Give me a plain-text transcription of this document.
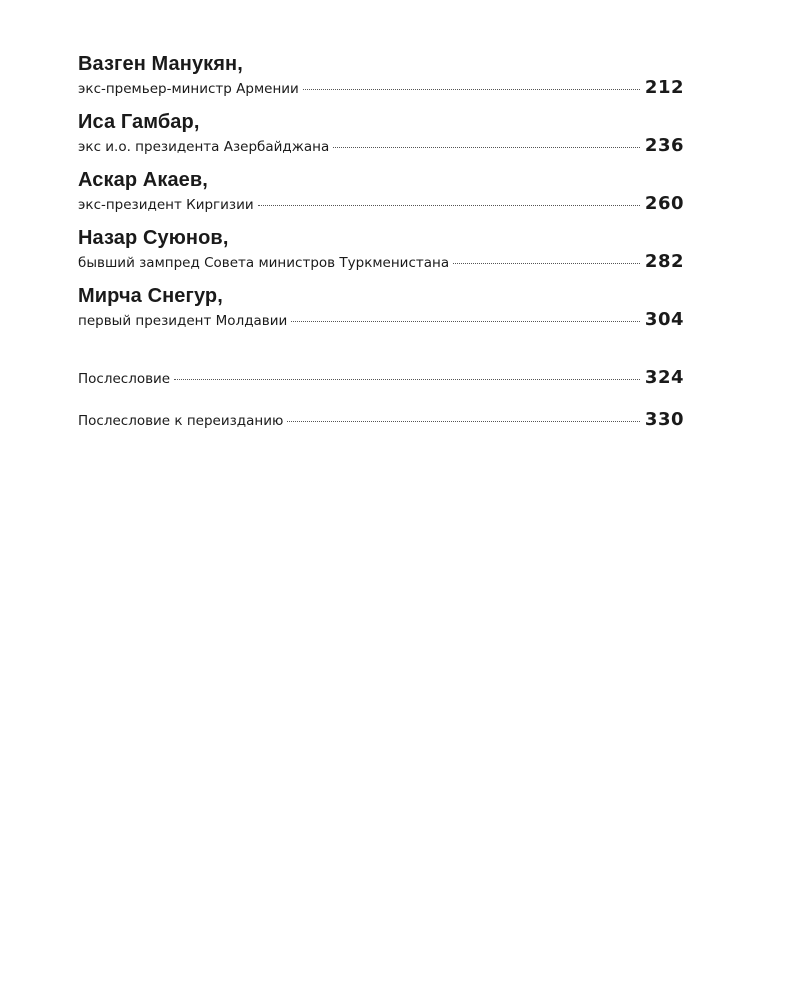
Вазген Манукян,
экс-премьер-министр Армении	212
Иса Гамбар,
экс и.о. президента Азербайджана	236
Аскар Акаев,
экс-президент Киргизии	260
Назар Суюнов,
бывший зампред Совета министров Туркменистана	282
Мирча Снегур,
первый президент Молдавии	304
Послесловие	324
Послесловие к переизданию	330
